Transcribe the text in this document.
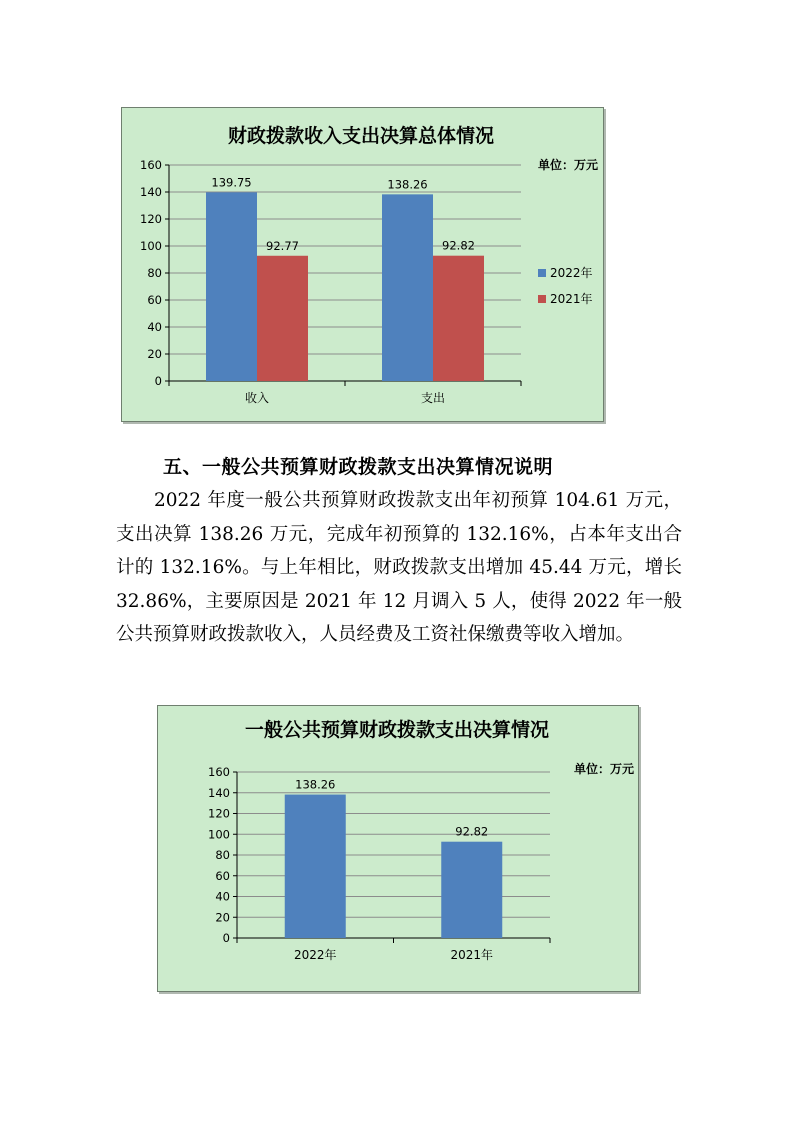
财政拨款收入支出决算总体情况
单位：万元
0
20
40
60
80
100
120
140
160
收入
139.75
92.77
支出
138.26
92.82
2022年
2021年
五、一般公共预算财政拨款支出决算情况说明

2022 年度一般公共预算财政拨款支出年初预算 104.61 万元，支出决算 138.26 万元，完成年初预算的 132.16%，占本年支出合计的 132.16%。与上年相比，财政拨款支出增加 45.44 万元，增长 32.86%，主要原因是 2021 年 12 月调入 5 人，使得 2022 年一般公共预算财政拨款收入，人员经费及工资社保缴费等收入增加。

一般公共预算财政拨款支出决算情况
单位：万元
0
20
40
60
80
100
120
140
160
2022年
138.26
2021年
92.82
